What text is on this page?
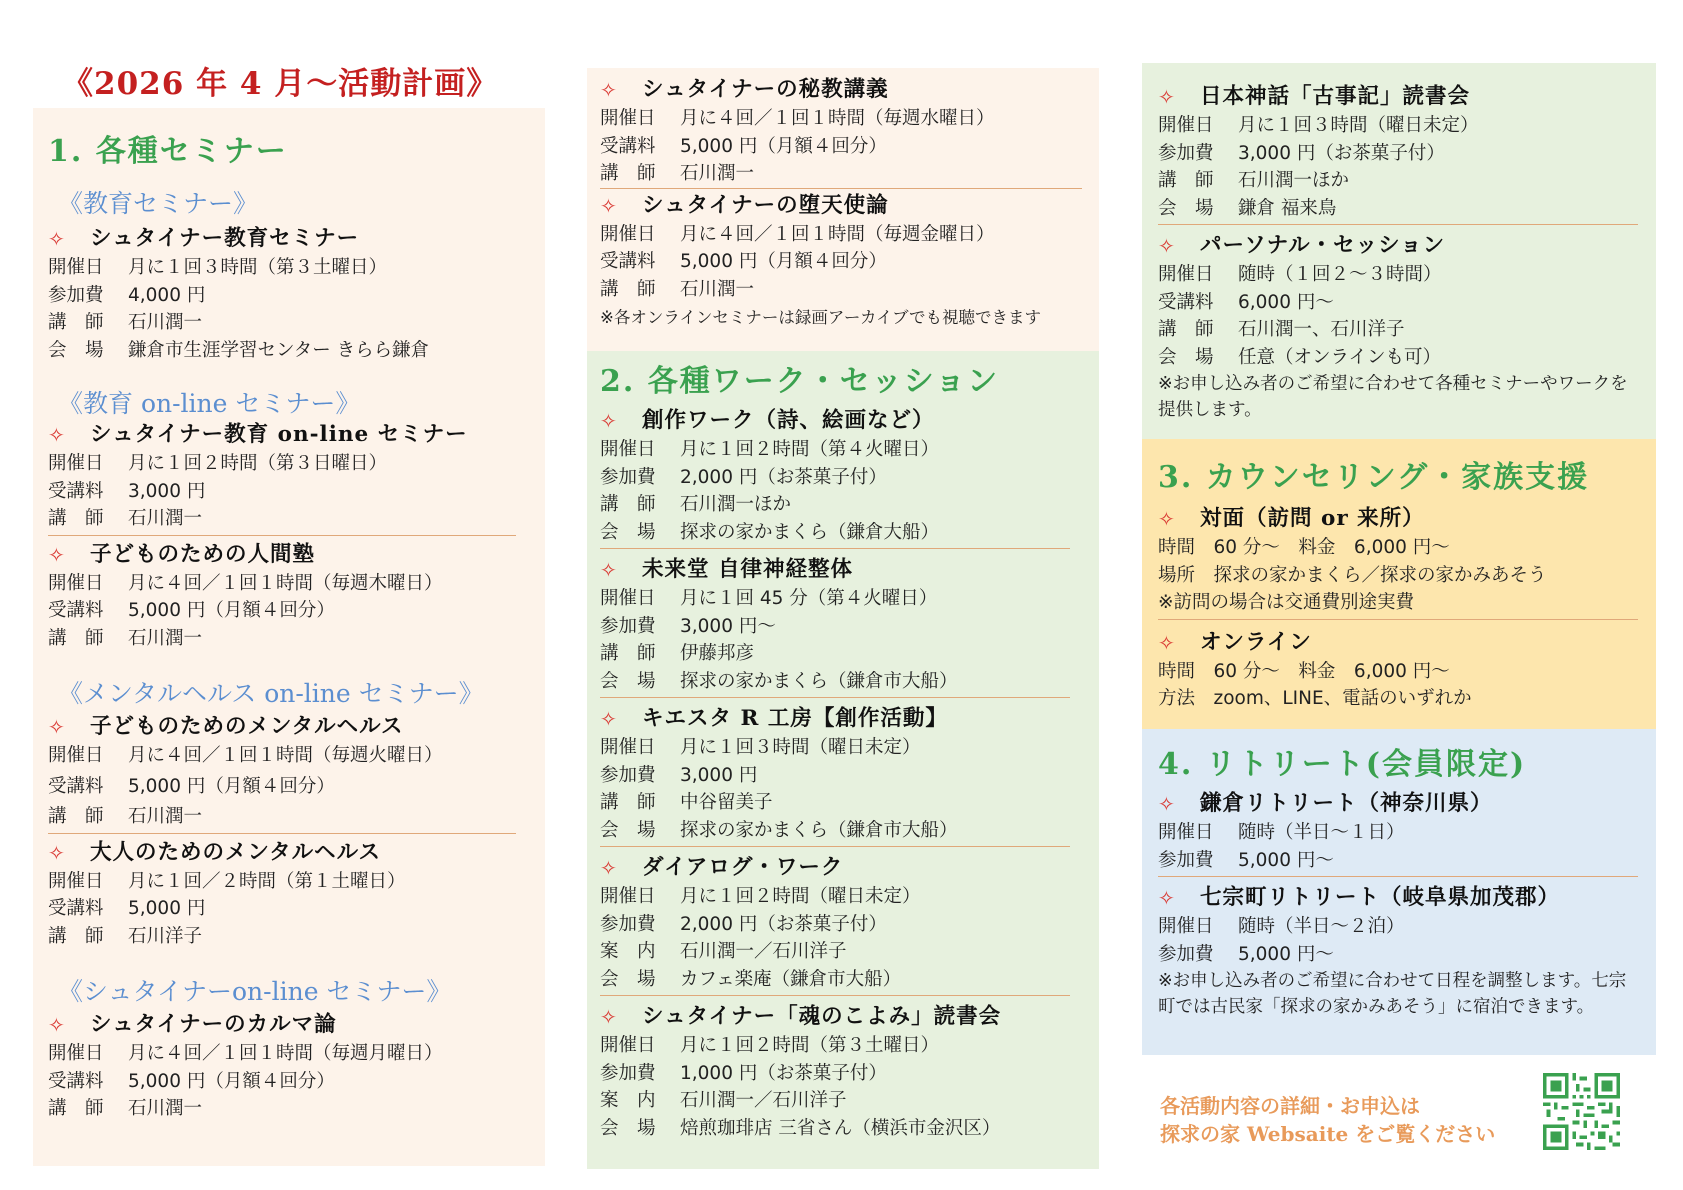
《2026 年 4 月〜活動計画》
1. 各種セミナー
《教育セミナー》
✧	シュタイナー教育セミナー
開催日 月に１回３時間（第３土曜日）
参加費 4,000 円
講　師 石川潤一
会　場 鎌倉市生涯学習センター きらら鎌倉
《教育 on-line セミナー》
✧	シュタイナー教育 on-line セミナー
開催日 月に１回２時間（第３日曜日）
受講料 3,000 円
講　師 石川潤一
✧	子どものための人間塾
開催日 月に４回／１回１時間（毎週木曜日）
受講料 5,000 円（月額４回分）
講　師 石川潤一
《メンタルヘルス on-line セミナー》
✧	子どものためのメンタルヘルス
開催日 月に４回／１回１時間（毎週火曜日）
受講料 5,000 円（月額４回分）
講　師 石川潤一
✧	大人のためのメンタルヘルス
開催日 月に１回／２時間（第１土曜日）
受講料 5,000 円
講　師 石川洋子
《シュタイナーon-line セミナー》
✧	シュタイナーのカルマ論
開催日 月に４回／１回１時間（毎週月曜日）
受講料 5,000 円（月額４回分）
講　師 石川潤一
✧	シュタイナーの秘教講義
開催日 月に４回／１回１時間（毎週水曜日）
受講料 5,000 円（月額４回分）
講　師 石川潤一
✧	シュタイナーの堕天使論
開催日 月に４回／１回１時間（毎週金曜日）
受講料 5,000 円（月額４回分）
講　師 石川潤一
※各オンラインセミナーは録画アーカイブでも視聴できます
2. 各種ワーク・セッション
✧	創作ワーク（詩、絵画など）
開催日 月に１回２時間（第４火曜日）
参加費 2,000 円（お茶菓子付）
講　師 石川潤一ほか
会　場 探求の家かまくら（鎌倉大船）
✧	未来堂 自律神経整体
開催日 月に１回 45 分（第４火曜日）
参加費 3,000 円〜
講　師 伊藤邦彦
会　場 探求の家かまくら（鎌倉市大船）
✧	キエスタ R 工房【創作活動】
開催日 月に１回３時間（曜日未定）
参加費 3,000 円
講　師 中谷留美子
会　場 探求の家かまくら（鎌倉市大船）
✧	ダイアログ・ワーク
開催日 月に１回２時間（曜日未定）
参加費 2,000 円（お茶菓子付）
案　内 石川潤一／石川洋子
会　場 カフェ楽庵（鎌倉市大船）
✧	シュタイナー「魂のこよみ」読書会
開催日 月に１回２時間（第３土曜日）
参加費 1,000 円（お茶菓子付）
案　内 石川潤一／石川洋子
会　場 焙煎珈琲店 三省さん（横浜市金沢区）
✧	日本神話「古事記」読書会
開催日 月に１回３時間（曜日未定）
参加費 3,000 円（お茶菓子付）
講　師 石川潤一ほか
会　場 鎌倉 福来鳥
✧	パーソナル・セッション
開催日 随時（１回２〜３時間）
受講料 6,000 円〜
講　師 石川潤一、石川洋子
会　場 任意（オンラインも可）
※お申し込み者のご希望に合わせて各種セミナーやワークを提供します。
3. カウンセリング・家族支援
✧	対面（訪問 or 来所）
時間　60 分〜　料金　6,000 円〜
場所　探求の家かまくら／探求の家かみあそう
※訪問の場合は交通費別途実費
✧	オンライン
時間　60 分〜　料金　6,000 円〜
方法　zoom、LINE、電話のいずれか
4. リトリート(会員限定)
✧	鎌倉リトリート（神奈川県）
開催日 随時（半日〜１日）
参加費 5,000 円〜
✧	七宗町リトリート（岐阜県加茂郡）
開催日 随時（半日〜２泊）
参加費 5,000 円〜
※お申し込み者のご希望に合わせて日程を調整します。七宗町では古民家「探求の家かみあそう」に宿泊できます。
各活動内容の詳細・お申込は
探求の家 Websaite をご覧ください
